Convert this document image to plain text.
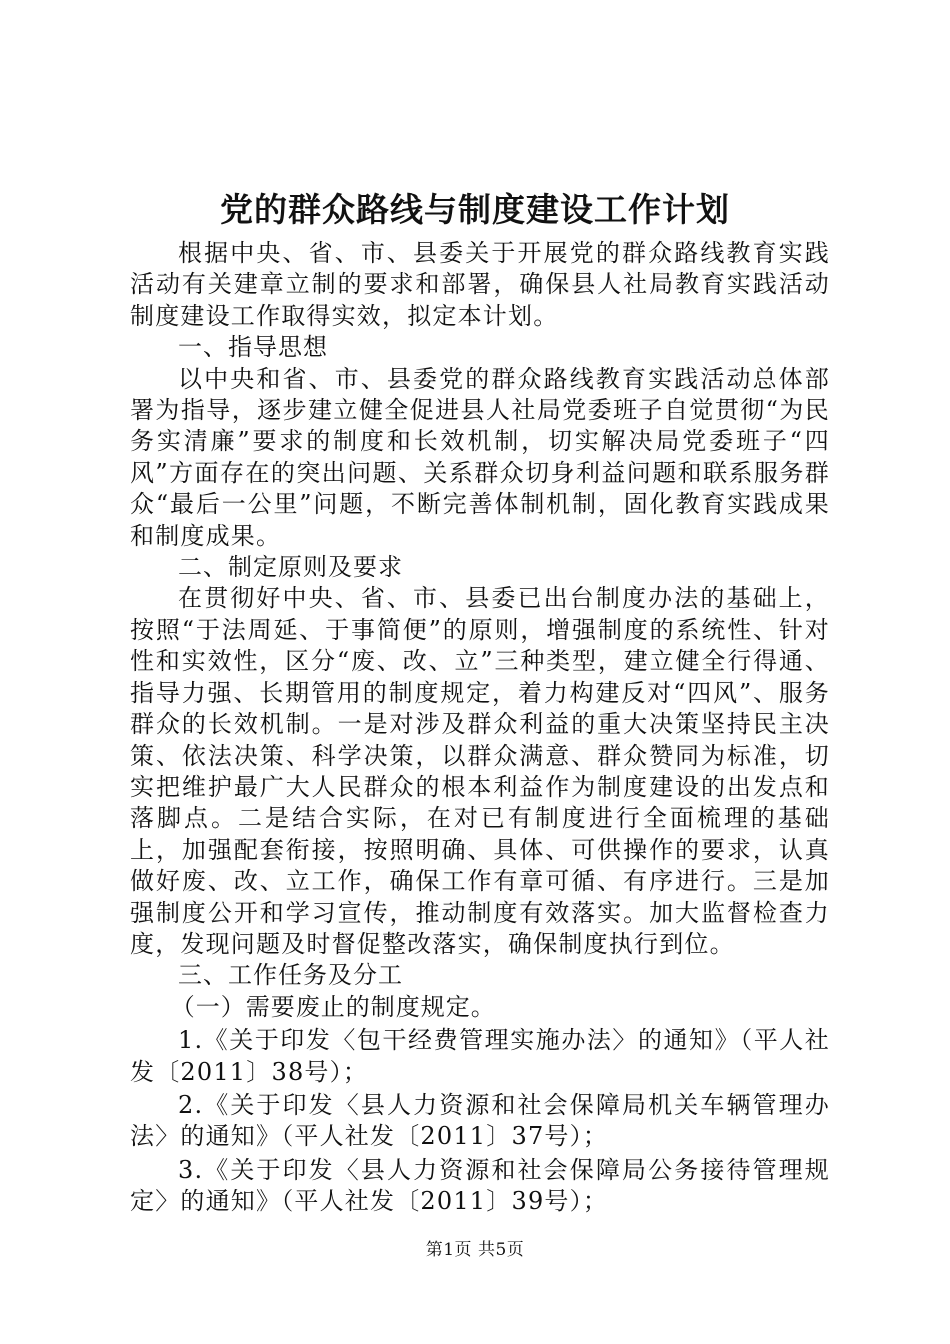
党的群众路线与制度建设工作计划

根据中央、省、市、县委关于开展党的群众路线教育实践活动有关建章立制的要求和部署，确保县人社局教育实践活动制度建设工作取得实效，拟定本计划。

一、指导思想

以中央和省、市、县委党的群众路线教育实践活动总体部署为指导，逐步建立健全促进县人社局党委班子自觉贯彻“为民务实清廉”要求的制度和长效机制，切实解决局党委班子“四风”方面存在的突出问题、关系群众切身利益问题和联系服务群众“最后一公里”问题，不断完善体制机制，固化教育实践成果和制度成果。

二、制定原则及要求

在贯彻好中央、省、市、县委已出台制度办法的基础上，按照“于法周延、于事简便”的原则，增强制度的系统性、针对性和实效性，区分“废、改、立”三种类型，建立健全行得通、指导力强、长期管用的制度规定，着力构建反对“四风”、服务群众的长效机制。一是对涉及群众利益的重大决策坚持民主决策、依法决策、科学决策，以群众满意、群众赞同为标准，切实把维护最广大人民群众的根本利益作为制度建设的出发点和落脚点。二是结合实际，在对已有制度进行全面梳理的基础上，加强配套衔接，按照明确、具体、可供操作的要求，认真做好废、改、立工作，确保工作有章可循、有序进行。三是加强制度公开和学习宣传，推动制度有效落实。加大监督检查力度，发现问题及时督促整改落实，确保制度执行到位。

三、工作任务及分工

（一）需要废止的制度规定。

1.《关于印发〈包干经费管理实施办法〉的通知》（平人社发〔2011〕38号）；

2.《关于印发〈县人力资源和社会保障局机关车辆管理办法〉的通知》（平人社发〔2011〕37号）；

3.《关于印发〈县人力资源和社会保障局公务接待管理规定〉的通知》（平人社发〔2011〕39号）；

第1页 共5页
